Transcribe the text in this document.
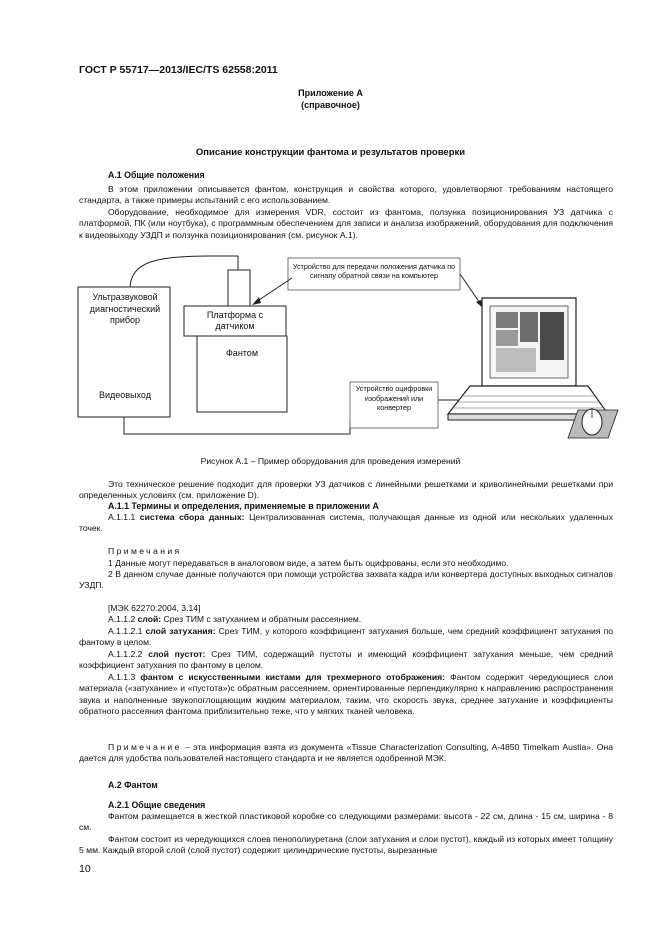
ГОСТ Р 55717—2013/IEC/TS 62558:2011
Приложение А
(справочное)
Описание конструкции фантома и результатов проверки
А.1 Общие положения
В этом приложении описывается фантом, конструкция и свойства которого, удовлетворяют требованиям настоящего стандарта, а также примеры испытаний с его использованием.
Оборудование, необходимое для измерения VDR, состоит из фантома, ползунка позиционирования УЗ датчика с платформой, ПК (или ноутбука), с программным обеспечением для записи и анализа изображений, оборудования для подключения к видеовыходу УЗДП и ползунка позиционирования (см. рисунок А.1).
Ультразвуковой диагностический прибор
Видеовыход
Платформа с датчиком
Фантом
Устройство для передачи положения датчика по сигналу обратной связи на компьютер
Устройство оцифровки изображений или конвертер
Рисунок А.1 – Пример оборудования для проведения измерений
Это техническое решение подходит для проверки УЗ датчиков с линейными решетками и криволинейными решетками при определенных условиях (см. приложение D).
А.1.1 Термины и определения, применяемые в приложении А
А.1.1.1 система сбора данных: Централизованная система, получающая данные из одной или нескольких удаленных точек.
Примечания
1 Данные могут передаваться в аналоговом виде, а затем быть оцифрованы, если это необходимо.
2 В данном случае данные получаются при помощи устройства захвата кадра или конвертера доступных выходных сигналов УЗДП.
[МЭК 62270:2004, 3.14]
А.1.1.2 слой: Срез ТИМ с затуханием и обратным рассеянием.
А.1.1.2.1 слой затухания: Срез ТИМ, у которого коэффициент затухания больше, чем средний коэффициент затухания по фантому в целом.
А.1.1.2.2 слой пустот: Срез ТИМ, содержащий пустоты и имеющий коэффициент затухания меньше, чем средний коэффициент затухания по фантому в целом.
А.1.1.3 фантом с искусственными кистами для трехмерного отображения: Фантом содержит чередующиеся слои материала («затухание» и «пустота»)с обратным рассеянием, ориентированные перпендикулярно к направлению распространения звука и наполненные звукопоглощающим жидким материалом, таким, что скорость звука, среднее затухание и коэффициенты обратного рассеяния фантома приблизительно теже, что у мягких тканей человека.
Примечание – эта информация взята из документа «Tissue Characterization Consulting, A-4850 Timelkam Austia». Она дается для удобства пользователей настоящего стандарта и не является одобренной МЭК.
А.2 Фантом
А.2.1 Общие сведения
Фантом размещается в жесткой пластиковой коробке со следующими размерами: высота - 22 см, длина - 15 см, ширина - 8 см.
Фантом состоит из чередующихся слоев пенополиуретана (слои затухания и слои пустот), каждый из которых имеет толщину 5 мм. Каждый второй слой (слой пустот) содержит цилиндрические пустоты, вырезанные
10
